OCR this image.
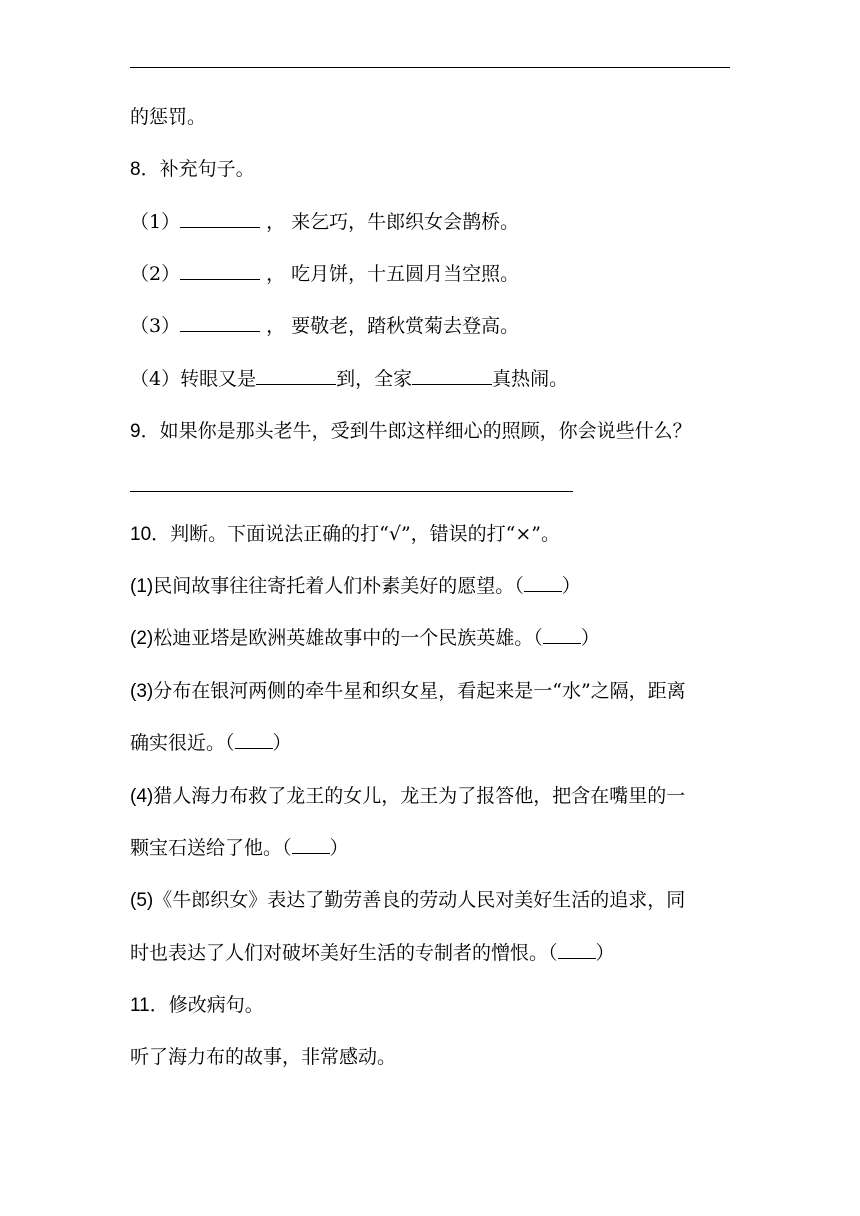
的惩罚。
8．补充句子。
（1）	， 来乞巧，牛郎织女会鹊桥。
（2）	， 吃月饼，十五圆月当空照。
（3）	， 要敬老，踏秋赏菊去登高。
（4）转眼又是	到，全家	真热闹。
9．如果你是那头老牛，受到牛郎这样细心的照顾，你会说些什么？
10．判断。下面说法正确的打“√”，错误的打“×”。
(1)民间故事往往寄托着人们朴素美好的愿望。（ ）
(2)松迪亚塔是欧洲英雄故事中的一个民族英雄。（ ）
(3)分布在银河两侧的牵牛星和织女星，看起来是一“水”之隔，距离
确实很近。（ ）
(4)猎人海力布救了龙王的女儿，龙王为了报答他，把含在嘴里的一
颗宝石送给了他。（ ）
(5)《牛郎织女》表达了勤劳善良的劳动人民对美好生活的追求，同
时也表达了人们对破坏美好生活的专制者的憎恨。（ ）
11．修改病句。
听了海力布的故事，非常感动。
